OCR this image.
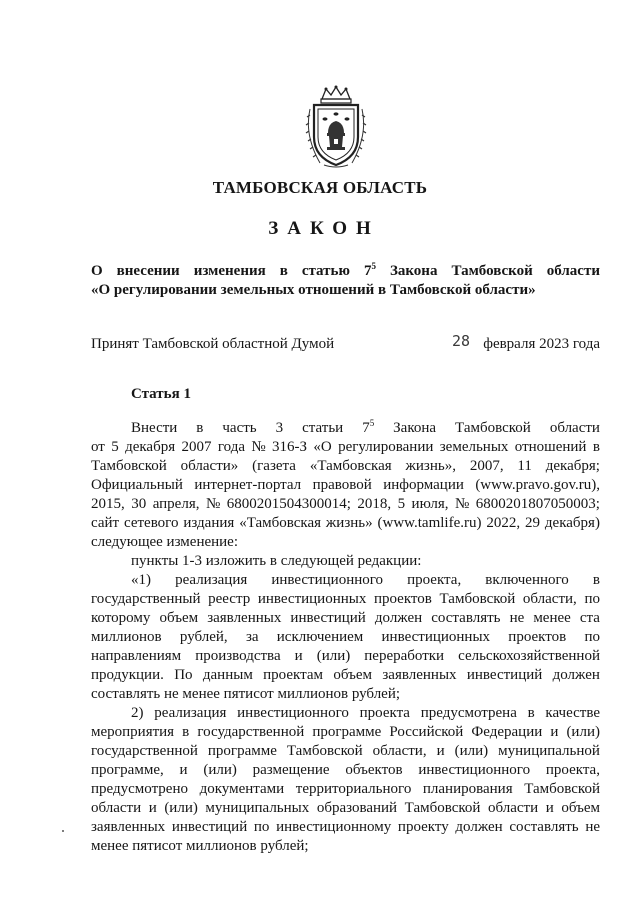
ТАМБОВСКАЯ ОБЛАСТЬ
ЗАКОН
О внесении изменения в статью $7^5$ Закона Тамбовской области
«О регулировании земельных отношений в Тамбовской области»
Принят Тамбовской областной Думой	28 февраля 2023 года
Статья 1
Внести в часть 3 статьи $7^5$ Закона Тамбовской области
от 5 декабря 2007 года № 316-З «О регулировании земельных отношений в
Тамбовской области» (газета «Тамбовская жизнь», 2007, 11 декабря;
Официальный интернет-портал правовой информации (www.pravo.gov.ru),
2015, 30 апреля, № 6800201504300014; 2018, 5 июля, № 6800201807050003;
сайт сетевого издания «Тамбовская жизнь» (www.tamlife.ru) 2022, 29 декабря)
следующее изменение:
пункты 1-3 изложить в следующей редакции:
«1) реализация инвестиционного проекта, включенного в
государственный реестр инвестиционных проектов Тамбовской области, по
которому объем заявленных инвестиций должен составлять не менее ста
миллионов рублей, за исключением инвестиционных проектов по
направлениям производства и (или) переработки сельскохозяйственной
продукции. По данным проектам объем заявленных инвестиций должен
составлять не менее пятисот миллионов рублей;
2) реализация инвестиционного проекта предусмотрена в качестве
мероприятия в государственной программе Российской Федерации и (или)
государственной программе Тамбовской области, и (или) муниципальной
программе, и (или) размещение объектов инвестиционного проекта,
предусмотрено документами территориального планирования Тамбовской
области и (или) муниципальных образований Тамбовской области и объем
заявленных инвестиций по инвестиционному проекту должен составлять не
менее пятисот миллионов рублей;
